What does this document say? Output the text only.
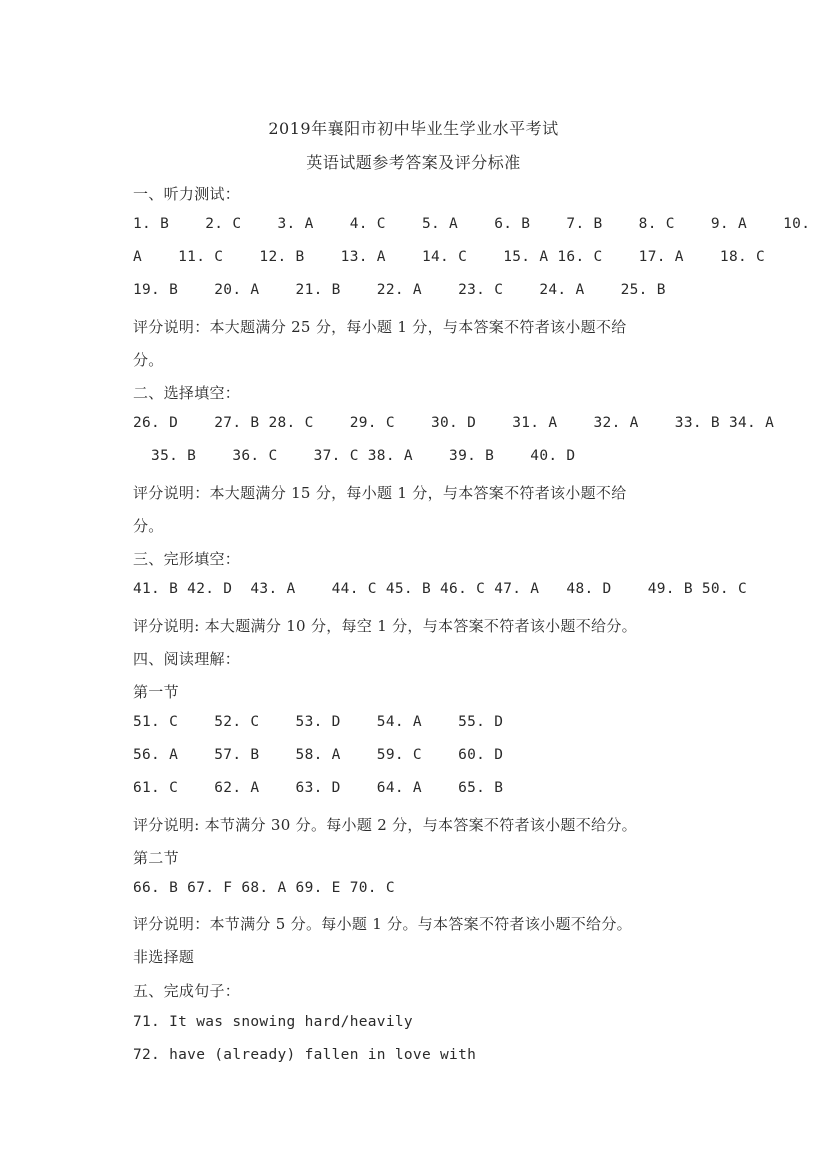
2019年襄阳市初中毕业生学业水平考试
英语试题参考答案及评分标准
一、听力测试：
1. B    2. C    3. A    4. C    5. A    6. B    7. B    8. C    9. A    10.
A    11. C    12. B    13. A    14. C    15. A 16. C    17. A    18. C
19. B    20. A    21. B    22. A    23. C    24. A    25. B
评分说明：本大题满分 25 分，每小题 1 分，与本答案不符者该小题不给
分。
二、选择填空：
26. D    27. B 28. C    29. C    30. D    31. A    32. A    33. B 34. A
35. B    36. C    37. C 38. A    39. B    40. D
评分说明：本大题满分 15 分，每小题 1 分，与本答案不符者该小题不给
分。
三、完形填空：
41. B 42. D  43. A    44. C 45. B 46. C 47. A   48. D    49. B 50. C
评分说明: 本大题满分 10 分，每空 1 分，与本答案不符者该小题不给分。
四、阅读理解：
第一节
51. C    52. C    53. D    54. A    55. D
56. A    57. B    58. A    59. C    60. D
61. C    62. A    63. D    64. A    65. B
评分说明: 本节满分 30 分。每小题 2 分，与本答案不符者该小题不给分。
第二节
66. B 67. F 68. A 69. E 70. C
评分说明：本节满分 5 分。每小题 1 分。与本答案不符者该小题不给分。
非选择题
五、完成句子：
71. It was snowing hard/heavily
72. have (already) fallen in love with
